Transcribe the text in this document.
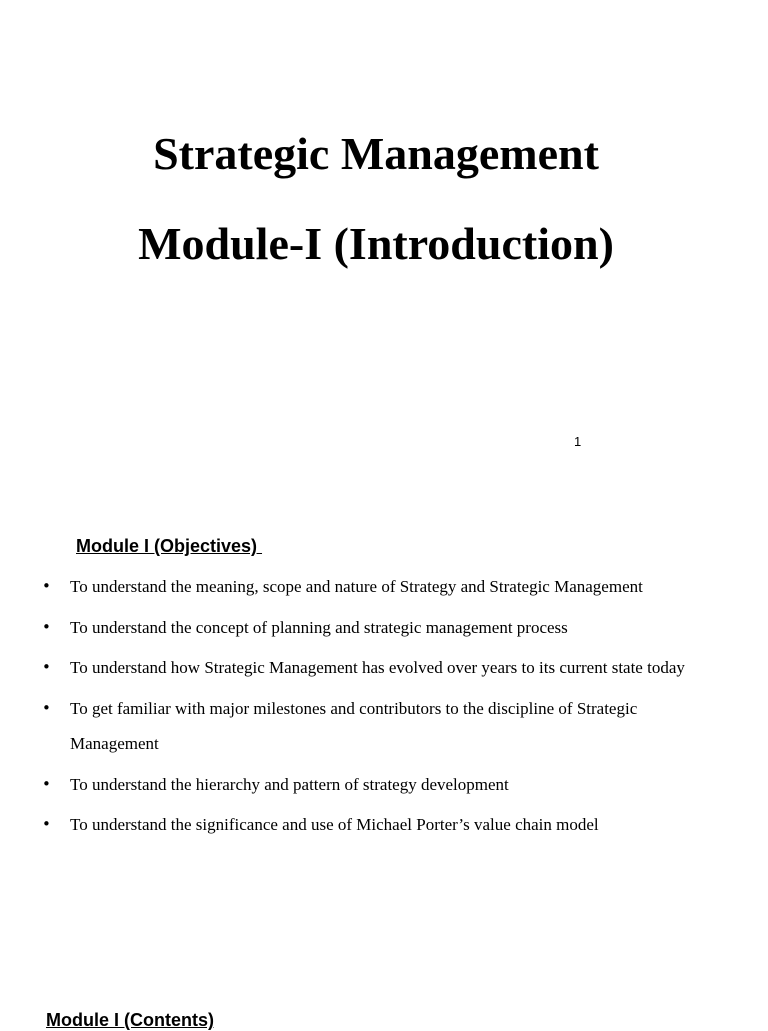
Strategic Management
Module-I (Introduction)
1
Module I (Objectives)
• To understand the meaning, scope and nature of Strategy and Strategic Management
• To understand the concept of planning and strategic management process
• To understand how Strategic Management has evolved over years to its current state today
• To get familiar with major milestones and contributors to the discipline of Strategic Management
• To understand the hierarchy and pattern of strategy development
• To understand the significance and use of Michael Porter’s value chain model
Module I (Contents)
